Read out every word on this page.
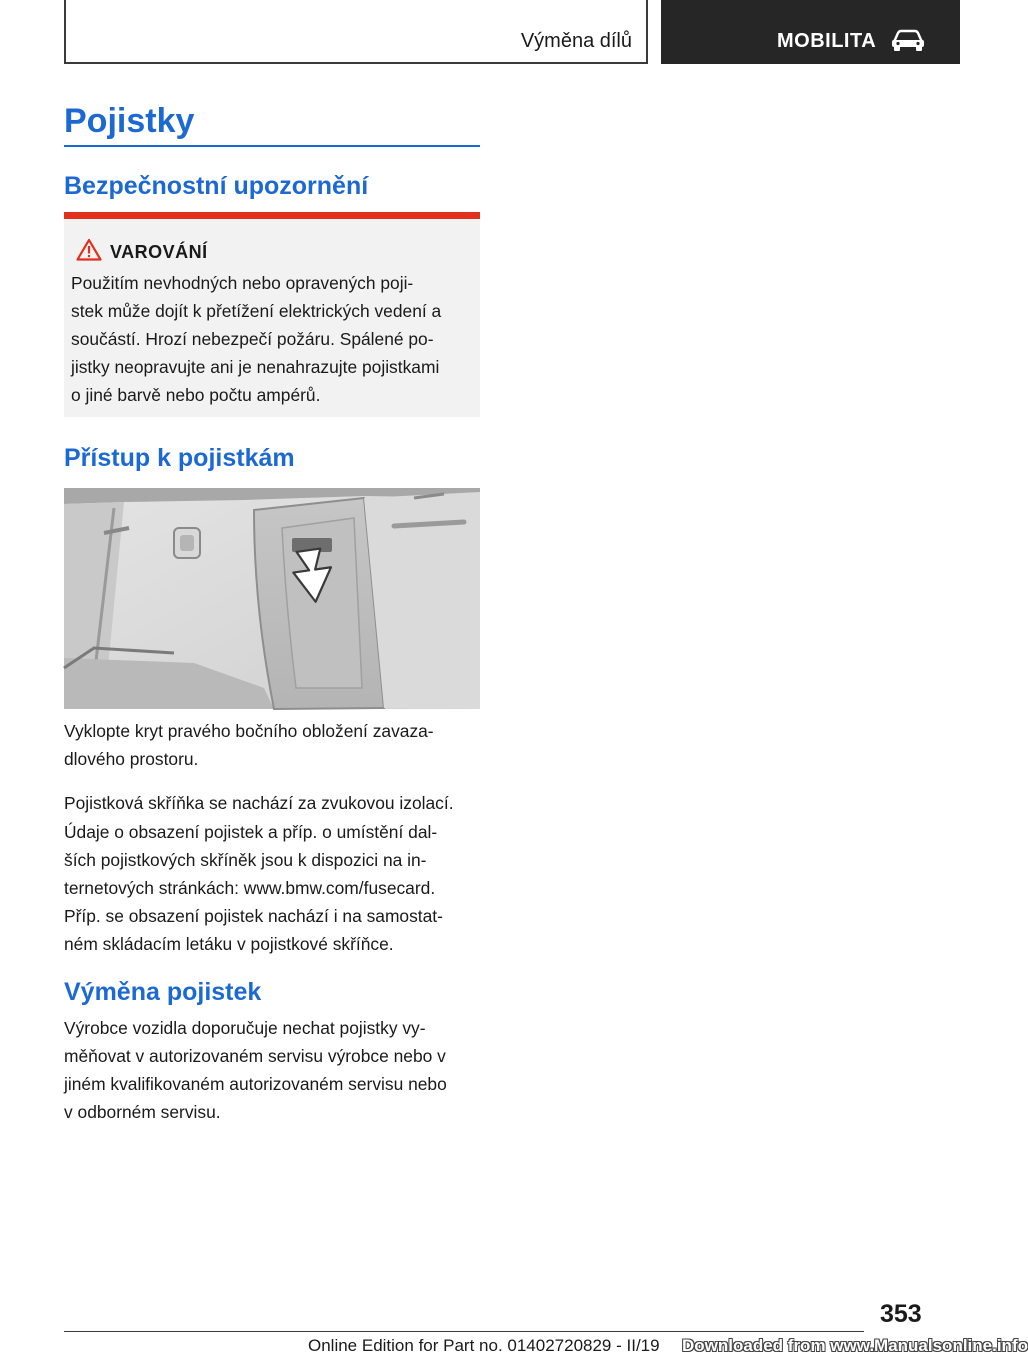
Výměna dílů	MOBILITA
Pojistky
Bezpečnostní upozornění
VAROVÁNÍ
Použitím nevhodných nebo opravených poji-
stek může dojít k přetížení elektrických vedení a
součástí. Hrozí nebezpečí požáru. Spálené po-
jistky neopravujte ani je nenahrazujte pojistkami
o jiné barvě nebo počtu ampérů.
Přístup k pojistkám
Vyklopte kryt pravého bočního obložení zavaza-
dlového prostoru.
Pojistková skříňka se nachází za zvukovou izolací.
Údaje o obsazení pojistek a příp. o umístění dal-
ších pojistkových skříněk jsou k dispozici na in-
ternetových stránkách: www.bmw.com/fusecard.
Příp. se obsazení pojistek nachází i na samostat-
ném skládacím letáku v pojistkové skříňce.
Výměna pojistek
Výrobce vozidla doporučuje nechat pojistky vy-
měňovat v autorizovaném servisu výrobce nebo v
jiném kvalifikovaném autorizovaném servisu nebo
v odborném servisu.
353
Online Edition for Part no. 01402720829 - II/19 Downloaded from www.Manualsonline.info
